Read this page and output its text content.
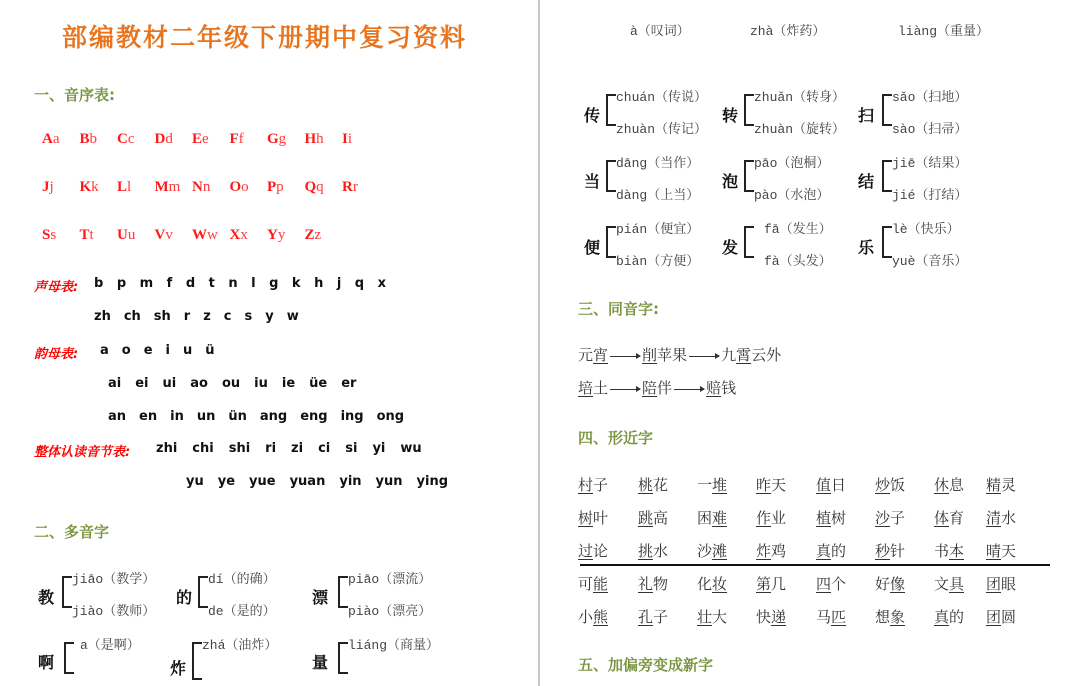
部编教材二年级下册期中复习资料
一、音序表:
Aa Bb Cc Dd Ee Ff Gg Hh Ii
Jj Kk Ll Mm Nn Oo Pp Qq Rr
Ss Tt Uu Vv Ww Xx Yy Zz
声母表: b p m f d t n l g k h j q x
zh ch sh r z c s y w
韵母表: a o e i u ü
ai ei ui ao ou iu ie üe er
an en in un ün ang eng ing ong
整体认读音节表: zhi chi shi ri zi ci si yi wu
yu ye yue yuan yin yun ying
二、多音字
教
jiāo（教学）
jiào（教师）
的
dí（的确）
de（是的）
漂
piāo（漂流）
piào（漂亮）
啊
a（是啊）
炸
zhá（油炸）
量
liáng（商量）
à（叹词）	zhà（炸药）	liàng（重量）
传
chuán（传说）
zhuàn（传记）
转
zhuǎn（转身）
zhuàn（旋转）
扫
sǎo（扫地）
sào（扫帚）
当
dāng（当作）
dàng（上当）
泡
pāo（泡桐）
pào（水泡）
结
jiē（结果）
jié（打结）
便
pián（便宜）
biàn（方便）
发
fā（发生）
fà（头发）
乐
lè（快乐）
yuè（音乐）
三、同音字:
元宵 削苹果 九霄云外
培土 陪伴 赔钱
四、形近字
村子 桃花 一堆 昨天 值日 炒饭 休息 精灵
树叶 跳高 困难 作业 植树 沙子 体育 清水
过论 挑水 沙滩 炸鸡 真的 秒针 书本 晴天
可能 礼物 化妆 第几 四个 好像 文具 团眼
小熊 孔子 壮大 快递 马匹 想象 真的 团圆
五、加偏旁变成新字
